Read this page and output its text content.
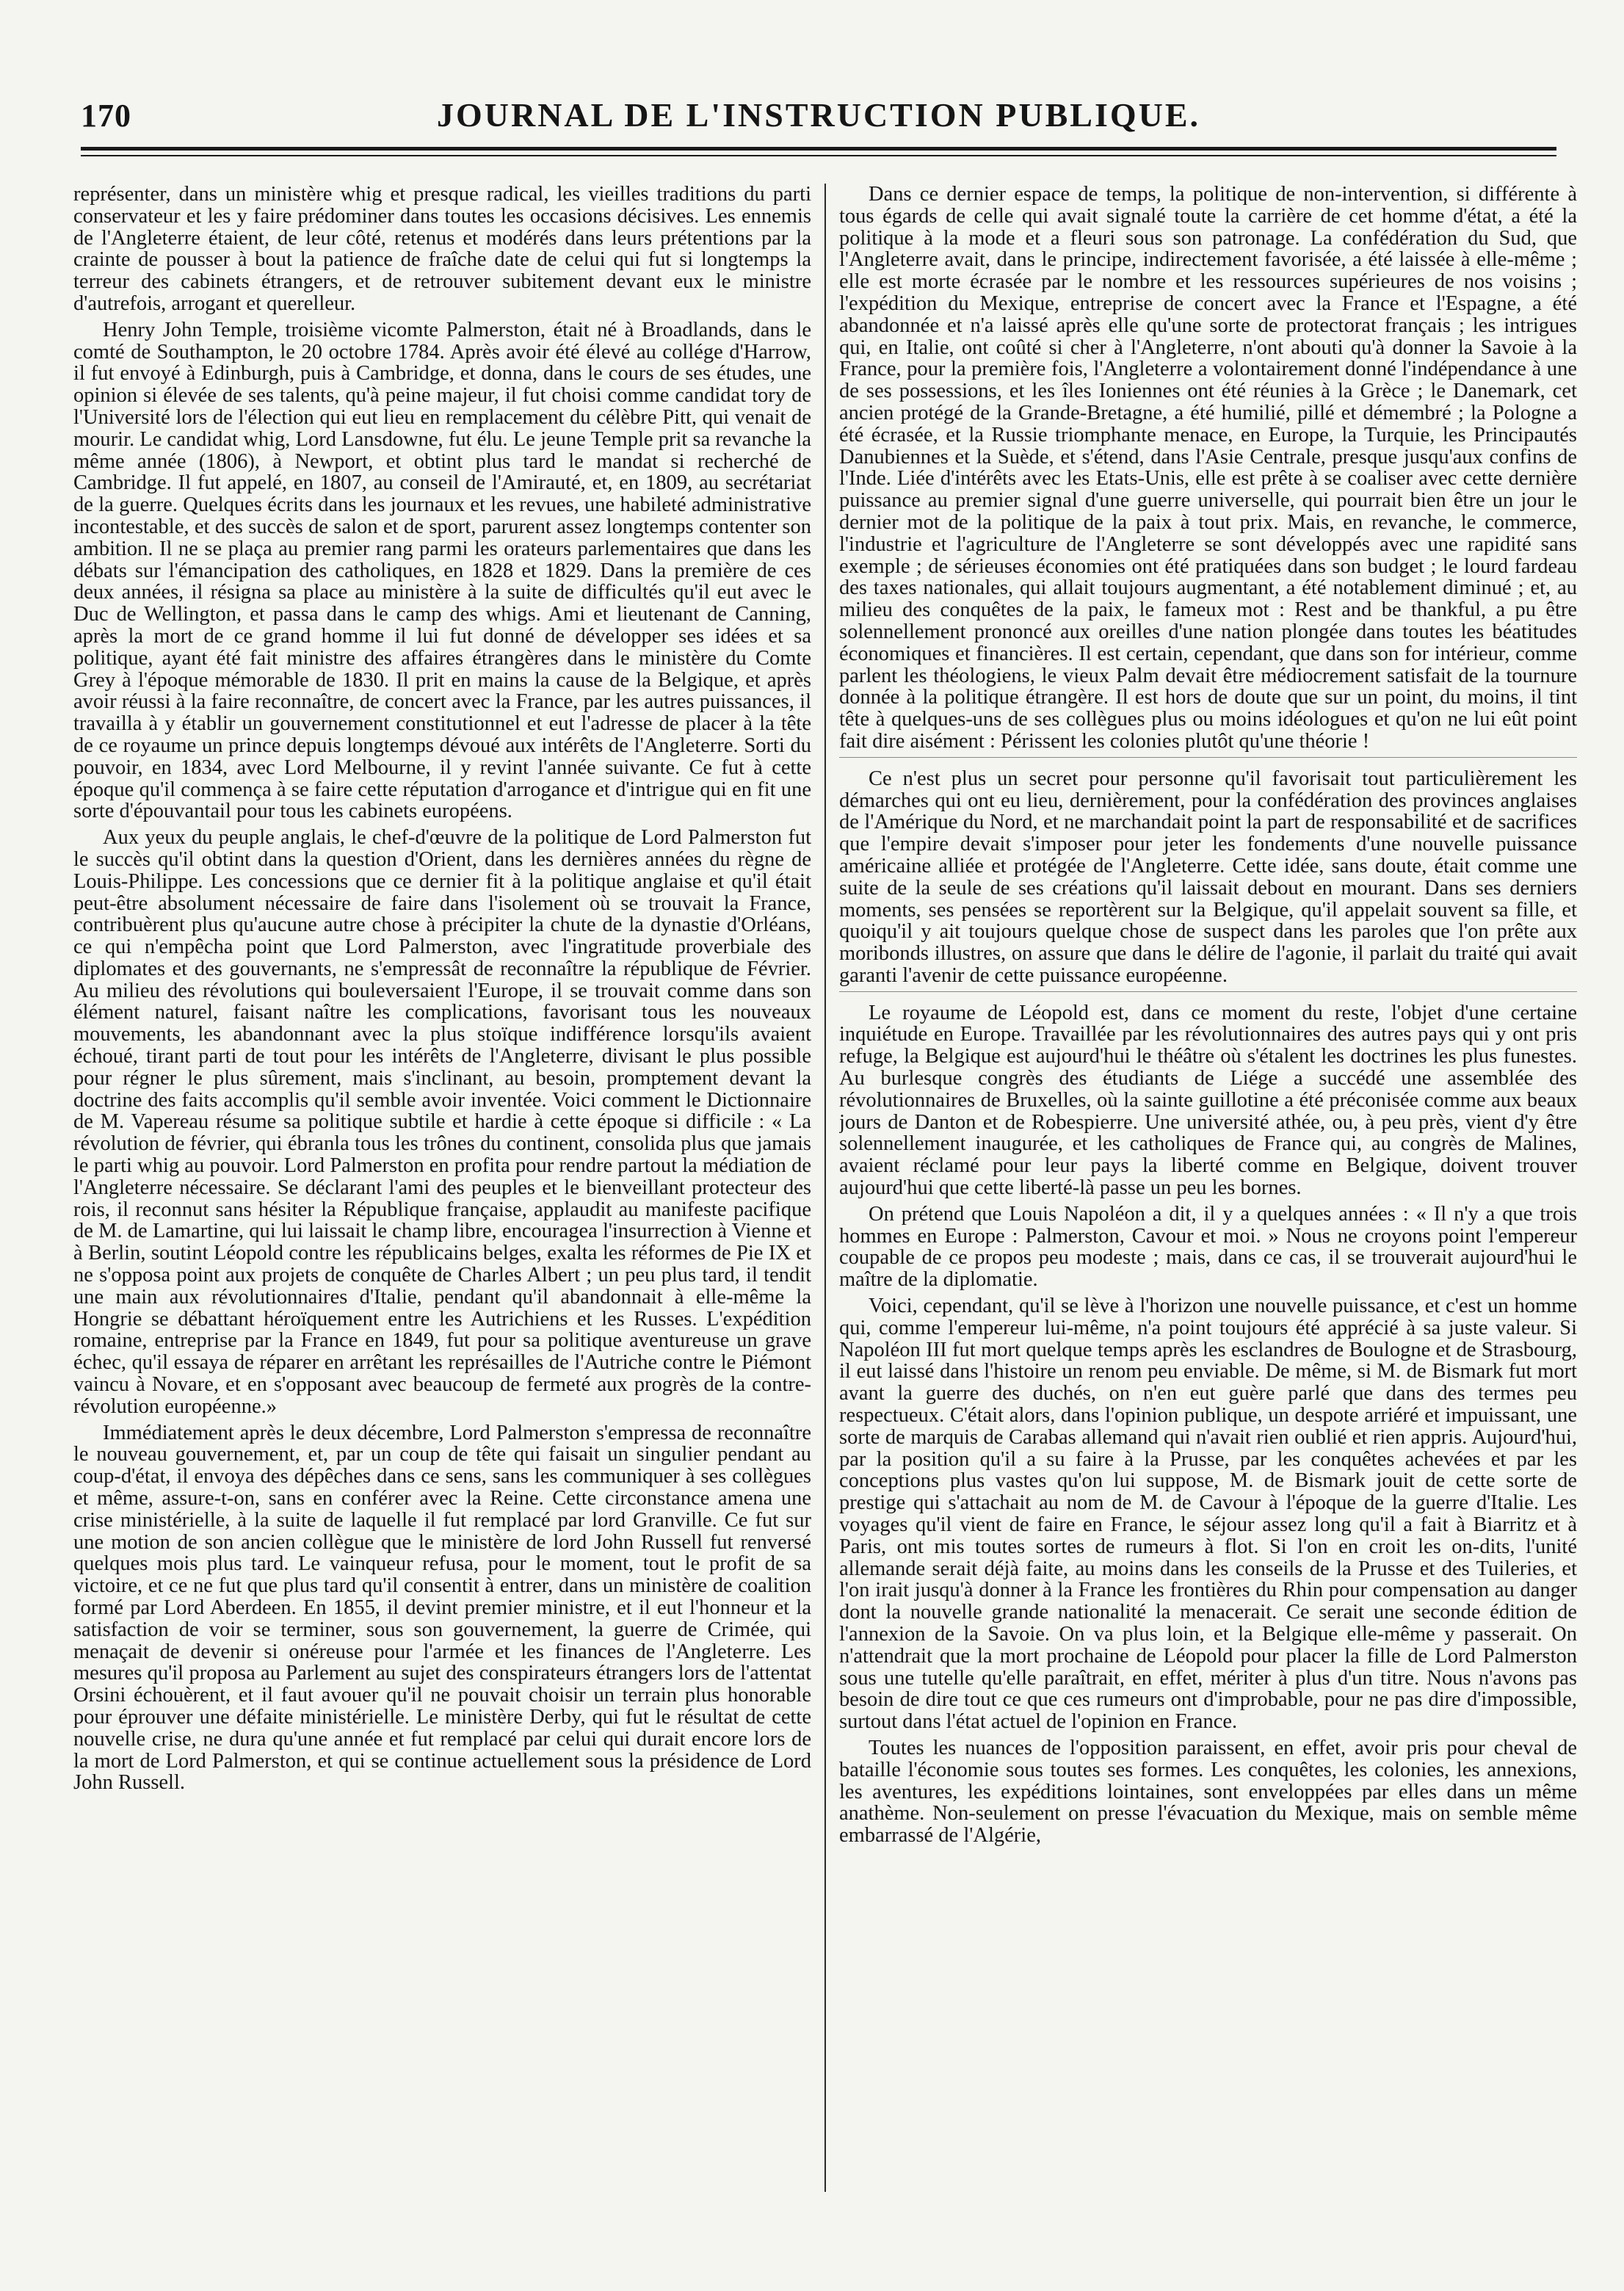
170	JOURNAL DE L'INSTRUCTION PUBLIQUE.

représenter, dans un ministère whig et presque radical, les vieilles traditions du parti conservateur et les y faire prédominer dans toutes les occasions décisives. Les ennemis de l'Angleterre étaient, de leur côté, retenus et modérés dans leurs prétentions par la crainte de pousser à bout la patience de fraîche date de celui qui fut si longtemps la terreur des cabinets étrangers, et de retrouver subitement devant eux le ministre d'autrefois, arrogant et querelleur.

Henry John Temple, troisième vicomte Palmerston, était né à Broadlands, dans le comté de Southampton, le 20 octobre 1784. Après avoir été élevé au collége d'Harrow, il fut envoyé à Edinburgh, puis à Cambridge, et donna, dans le cours de ses études, une opinion si élevée de ses talents, qu'à peine majeur, il fut choisi comme candidat tory de l'Université lors de l'élection qui eut lieu en remplacement du célèbre Pitt, qui venait de mourir. Le candidat whig, Lord Lansdowne, fut élu. Le jeune Temple prit sa revanche la même année (1806), à Newport, et obtint plus tard le mandat si recherché de Cambridge. Il fut appelé, en 1807, au conseil de l'Amirauté, et, en 1809, au secrétariat de la guerre. Quelques écrits dans les journaux et les revues, une habileté administrative incontestable, et des succès de salon et de sport, parurent assez longtemps contenter son ambition. Il ne se plaça au premier rang parmi les orateurs parlementaires que dans les débats sur l'émancipation des catholiques, en 1828 et 1829. Dans la première de ces deux années, il résigna sa place au ministère à la suite de difficultés qu'il eut avec le Duc de Wellington, et passa dans le camp des whigs. Ami et lieutenant de Canning, après la mort de ce grand homme il lui fut donné de développer ses idées et sa politique, ayant été fait ministre des affaires étrangères dans le ministère du Comte Grey à l'époque mémorable de 1830. Il prit en mains la cause de la Belgique, et après avoir réussi à la faire reconnaître, de concert avec la France, par les autres puissances, il travailla à y établir un gouvernement constitutionnel et eut l'adresse de placer à la tête de ce royaume un prince depuis longtemps dévoué aux intérêts de l'Angleterre. Sorti du pouvoir, en 1834, avec Lord Melbourne, il y revint l'année suivante. Ce fut à cette époque qu'il commença à se faire cette réputation d'arrogance et d'intrigue qui en fit une sorte d'épouvantail pour tous les cabinets européens.

Aux yeux du peuple anglais, le chef-d'œuvre de la politique de Lord Palmerston fut le succès qu'il obtint dans la question d'Orient, dans les dernières années du règne de Louis-Philippe. Les concessions que ce dernier fit à la politique anglaise et qu'il était peut-être absolument nécessaire de faire dans l'isolement où se trouvait la France, contribuèrent plus qu'aucune autre chose à précipiter la chute de la dynastie d'Orléans, ce qui n'empêcha point que Lord Palmerston, avec l'ingratitude proverbiale des diplomates et des gouvernants, ne s'empressât de reconnaître la république de Février. Au milieu des révolutions qui bouleversaient l'Europe, il se trouvait comme dans son élément naturel, faisant naître les complications, favorisant tous les nouveaux mouvements, les abandonnant avec la plus stoïque indifférence lorsqu'ils avaient échoué, tirant parti de tout pour les intérêts de l'Angleterre, divisant le plus possible pour régner le plus sûrement, mais s'inclinant, au besoin, promptement devant la doctrine des faits accomplis qu'il semble avoir inventée. Voici comment le Dictionnaire de M. Vapereau résume sa politique subtile et hardie à cette époque si difficile : « La révolution de février, qui ébranla tous les trônes du continent, consolida plus que jamais le parti whig au pouvoir. Lord Palmerston en profita pour rendre partout la médiation de l'Angleterre nécessaire. Se déclarant l'ami des peuples et le bienveillant protecteur des rois, il reconnut sans hésiter la République française, applaudit au manifeste pacifique de M. de Lamartine, qui lui laissait le champ libre, encouragea l'insurrection à Vienne et à Berlin, soutint Léopold contre les républicains belges, exalta les réformes de Pie IX et ne s'opposa point aux projets de conquête de Charles Albert ; un peu plus tard, il tendit une main aux révolutionnaires d'Italie, pendant qu'il abandonnait à elle-même la Hongrie se débattant héroïquement entre les Autrichiens et les Russes. L'expédition romaine, entreprise par la France en 1849, fut pour sa politique aventureuse un grave échec, qu'il essaya de réparer en arrêtant les représailles de l'Autriche contre le Piémont vaincu à Novare, et en s'opposant avec beaucoup de fermeté aux progrès de la contre-révolution européenne.»

Immédiatement après le deux décembre, Lord Palmerston s'empressa de reconnaître le nouveau gouvernement, et, par un coup de tête qui faisait un singulier pendant au coup-d'état, il envoya des dépêches dans ce sens, sans les communiquer à ses collègues et même, assure-t-on, sans en conférer avec la Reine. Cette circonstance amena une crise ministérielle, à la suite de laquelle il fut remplacé par lord Granville. Ce fut sur une motion de son ancien collègue que le ministère de lord John Russell fut renversé quelques mois plus tard. Le vainqueur refusa, pour le moment, tout le profit de sa victoire, et ce ne fut que plus tard qu'il consentit à entrer, dans un ministère de coalition formé par Lord Aberdeen. En 1855, il devint premier ministre, et il eut l'honneur et la satisfaction de voir se terminer, sous son gouvernement, la guerre de Crimée, qui menaçait de devenir si onéreuse pour l'armée et les finances de l'Angleterre. Les mesures qu'il proposa au Parlement au sujet des conspirateurs étrangers lors de l'attentat Orsini échouèrent, et il faut avouer qu'il ne pouvait choisir un terrain plus honorable pour éprouver une défaite ministérielle. Le ministère Derby, qui fut le résultat de cette nouvelle crise, ne dura qu'une année et fut remplacé par celui qui durait encore lors de la mort de Lord Palmerston, et qui se continue actuellement sous la présidence de Lord John Russell.

Dans ce dernier espace de temps, la politique de non-intervention, si différente à tous égards de celle qui avait signalé toute la carrière de cet homme d'état, a été la politique à la mode et a fleuri sous son patronage. La confédération du Sud, que l'Angleterre avait, dans le principe, indirectement favorisée, a été laissée à elle-même ; elle est morte écrasée par le nombre et les ressources supérieures de nos voisins ; l'expédition du Mexique, entreprise de concert avec la France et l'Espagne, a été abandonnée et n'a laissé après elle qu'une sorte de protectorat français ; les intrigues qui, en Italie, ont coûté si cher à l'Angleterre, n'ont abouti qu'à donner la Savoie à la France, pour la première fois, l'Angleterre a volontairement donné l'indépendance à une de ses possessions, et les îles Ioniennes ont été réunies à la Grèce ; le Danemark, cet ancien protégé de la Grande-Bretagne, a été humilié, pillé et démembré ; la Pologne a été écrasée, et la Russie triomphante menace, en Europe, la Turquie, les Principautés Danubiennes et la Suède, et s'étend, dans l'Asie Centrale, presque jusqu'aux confins de l'Inde. Liée d'intérêts avec les Etats-Unis, elle est prête à se coaliser avec cette dernière puissance au premier signal d'une guerre universelle, qui pourrait bien être un jour le dernier mot de la politique de la paix à tout prix. Mais, en revanche, le commerce, l'industrie et l'agriculture de l'Angleterre se sont développés avec une rapidité sans exemple ; de sérieuses économies ont été pratiquées dans son budget ; le lourd fardeau des taxes nationales, qui allait toujours augmentant, a été notablement diminué ; et, au milieu des conquêtes de la paix, le fameux mot : Rest and be thankful, a pu être solennellement prononcé aux oreilles d'une nation plongée dans toutes les béatitudes économiques et financières. Il est certain, cependant, que dans son for intérieur, comme parlent les théologiens, le vieux Palm devait être médiocrement satisfait de la tournure donnée à la politique étrangère. Il est hors de doute que sur un point, du moins, il tint tête à quelques-uns de ses collègues plus ou moins idéologues et qu'on ne lui eût point fait dire aisément : Périssent les colonies plutôt qu'une théorie !

Ce n'est plus un secret pour personne qu'il favorisait tout particulièrement les démarches qui ont eu lieu, dernièrement, pour la confédération des provinces anglaises de l'Amérique du Nord, et ne marchandait point la part de responsabilité et de sacrifices que l'empire devait s'imposer pour jeter les fondements d'une nouvelle puissance américaine alliée et protégée de l'Angleterre. Cette idée, sans doute, était comme une suite de la seule de ses créations qu'il laissait debout en mourant. Dans ses derniers moments, ses pensées se reportèrent sur la Belgique, qu'il appelait souvent sa fille, et quoiqu'il y ait toujours quelque chose de suspect dans les paroles que l'on prête aux moribonds illustres, on assure que dans le délire de l'agonie, il parlait du traité qui avait garanti l'avenir de cette puissance européenne.

Le royaume de Léopold est, dans ce moment du reste, l'objet d'une certaine inquiétude en Europe. Travaillée par les révolutionnaires des autres pays qui y ont pris refuge, la Belgique est aujourd'hui le théâtre où s'étalent les doctrines les plus funestes. Au burlesque congrès des étudiants de Liége a succédé une assemblée des révolutionnaires de Bruxelles, où la sainte guillotine a été préconisée comme aux beaux jours de Danton et de Robespierre. Une université athée, ou, à peu près, vient d'y être solennellement inaugurée, et les catholiques de France qui, au congrès de Malines, avaient réclamé pour leur pays la liberté comme en Belgique, doivent trouver aujourd'hui que cette liberté-là passe un peu les bornes.

On prétend que Louis Napoléon a dit, il y a quelques années : « Il n'y a que trois hommes en Europe : Palmerston, Cavour et moi. » Nous ne croyons point l'empereur coupable de ce propos peu modeste ; mais, dans ce cas, il se trouverait aujourd'hui le maître de la diplomatie.

Voici, cependant, qu'il se lève à l'horizon une nouvelle puissance, et c'est un homme qui, comme l'empereur lui-même, n'a point toujours été apprécié à sa juste valeur. Si Napoléon III fut mort quelque temps après les esclandres de Boulogne et de Strasbourg, il eut laissé dans l'histoire un renom peu enviable. De même, si M. de Bismark fut mort avant la guerre des duchés, on n'en eut guère parlé que dans des termes peu respectueux. C'était alors, dans l'opinion publique, un despote arriéré et impuissant, une sorte de marquis de Carabas allemand qui n'avait rien oublié et rien appris. Aujourd'hui, par la position qu'il a su faire à la Prusse, par les conquêtes achevées et par les conceptions plus vastes qu'on lui suppose, M. de Bismark jouit de cette sorte de prestige qui s'attachait au nom de M. de Cavour à l'époque de la guerre d'Italie. Les voyages qu'il vient de faire en France, le séjour assez long qu'il a fait à Biarritz et à Paris, ont mis toutes sortes de rumeurs à flot. Si l'on en croit les on-dits, l'unité allemande serait déjà faite, au moins dans les conseils de la Prusse et des Tuileries, et l'on irait jusqu'à donner à la France les frontières du Rhin pour compensation au danger dont la nouvelle grande nationalité la menacerait. Ce serait une seconde édition de l'annexion de la Savoie. On va plus loin, et la Belgique elle-même y passerait. On n'attendrait que la mort prochaine de Léopold pour placer la fille de Lord Palmerston sous une tutelle qu'elle paraîtrait, en effet, mériter à plus d'un titre. Nous n'avons pas besoin de dire tout ce que ces rumeurs ont d'improbable, pour ne pas dire d'impossible, surtout dans l'état actuel de l'opinion en France.

Toutes les nuances de l'opposition paraissent, en effet, avoir pris pour cheval de bataille l'économie sous toutes ses formes. Les conquêtes, les colonies, les annexions, les aventures, les expéditions lointaines, sont enveloppées par elles dans un même anathème. Non-seulement on presse l'évacuation du Mexique, mais on semble même embarrassé de l'Algérie,
